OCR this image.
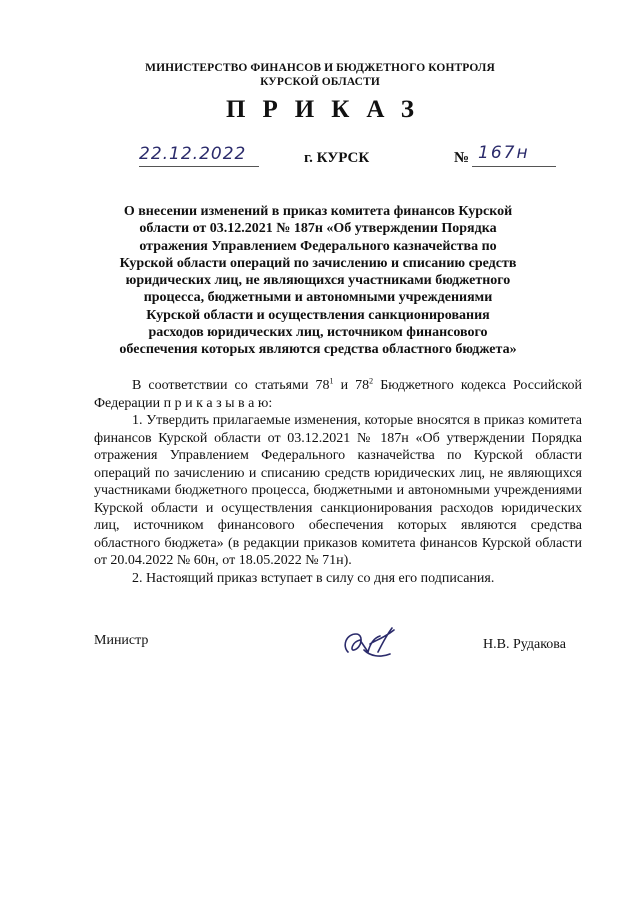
МИНИСТЕРСТВО ФИНАНСОВ И БЮДЖЕТНОГО КОНТРОЛЯ
КУРСКОЙ ОБЛАСТИ
ПРИКАЗ
22.12.2022	г. КУРСК	№ 167н
О внесении изменений в приказ комитета финансов Курской области от 03.12.2021 № 187н «Об утверждении Порядка отражения Управлением Федерального казначейства по Курской области операций по зачислению и списанию средств юридических лиц, не являющихся участниками бюджетного процесса, бюджетными и автономными учреждениями Курской области и осуществления санкционирования расходов юридических лиц, источником финансового обеспечения которых являются средства областного бюджета»

В соответствии со статьями $78^1$ и $78^2$ Бюджетного кодекса Российской Федерации п р и к а з ы в а ю:

1. Утвердить прилагаемые изменения, которые вносятся в приказ комитета финансов Курской области от 03.12.2021 № 187н «Об утверждении Порядка отражения Управлением Федерального казначейства по Курской области операций по зачислению и списанию средств юридических лиц, не являющихся участниками бюджетного процесса, бюджетными и автономными учреждениями Курской области и осуществления санкционирования расходов юридических лиц, источником финансового обеспечения которых являются средства областного бюджета» (в редакции приказов комитета финансов Курской области от 20.04.2022 № 60н, от 18.05.2022 № 71н).

2. Настоящий приказ вступает в силу со дня его подписания.

Министр	Н.В. Рудакова
